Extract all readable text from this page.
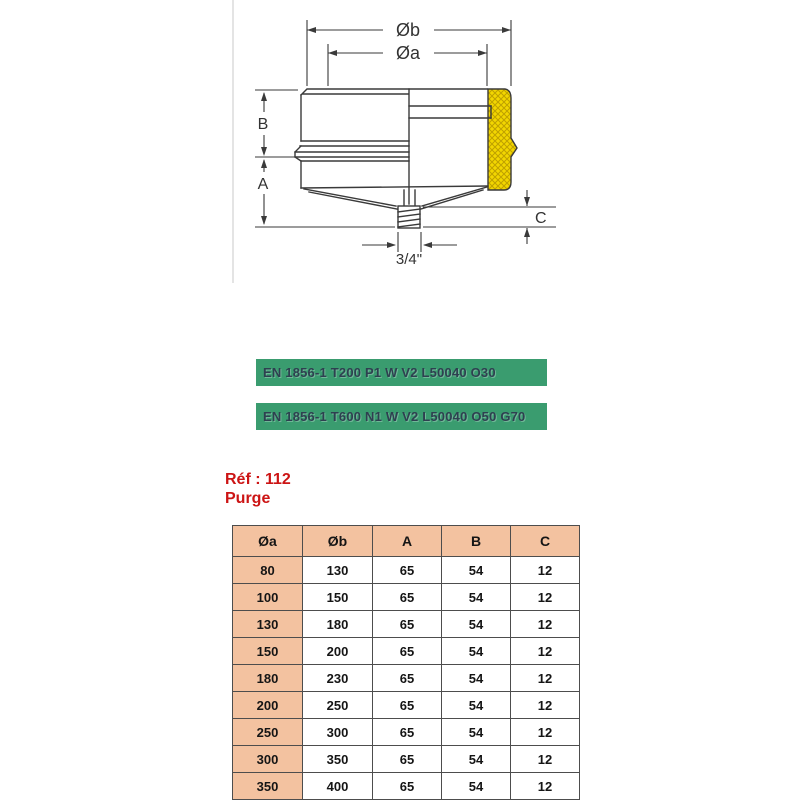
Øb
Øa
B
A
C
3/4"
EN 1856-1 T200 P1 W V2 L50040 O30
EN 1856-1 T600 N1 W V2 L50040 O50 G70
Réf : 112
Purge
Øa	Øb	A	B	C
80	130	65	54	12
100	150	65	54	12
130	180	65	54	12
150	200	65	54	12
180	230	65	54	12
200	250	65	54	12
250	300	65	54	12
300	350	65	54	12
350	400	65	54	12
